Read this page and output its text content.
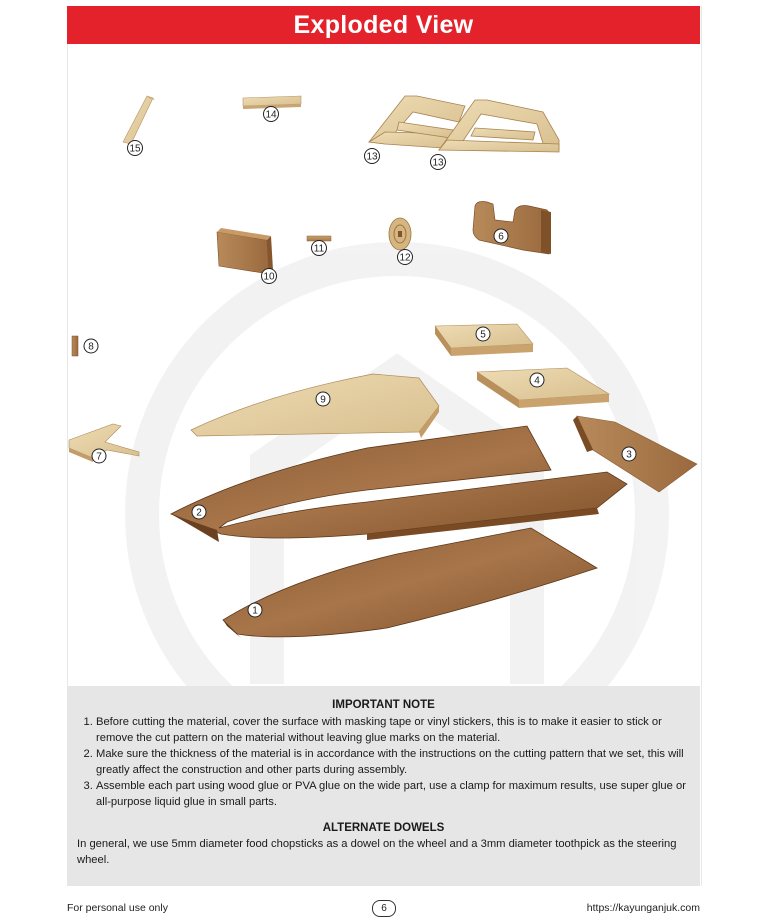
Exploded View
1
2
3
4
5
6
7
8
9
10
11
12
13
13
14
15
IMPORTANT NOTE
1. Before cutting the material, cover the surface with masking tape or vinyl stickers, this is to make it easier to stick or remove the cut pattern on the material without leaving glue marks on the material.
2. Make sure the thickness of the material is in accordance with the instructions on the cutting pattern that we set, this will greatly affect the construction and other parts during assembly.
3. Assemble each part using wood glue or PVA glue on the wide part, use a clamp for maximum results, use super glue or all-purpose liquid glue in small parts.
ALTERNATE DOWELS

In general, we use 5mm diameter food chopsticks as a dowel on the wheel and a 3mm diameter toothpick as the steering wheel.

For personal use only	6	https://kayunganjuk.com
